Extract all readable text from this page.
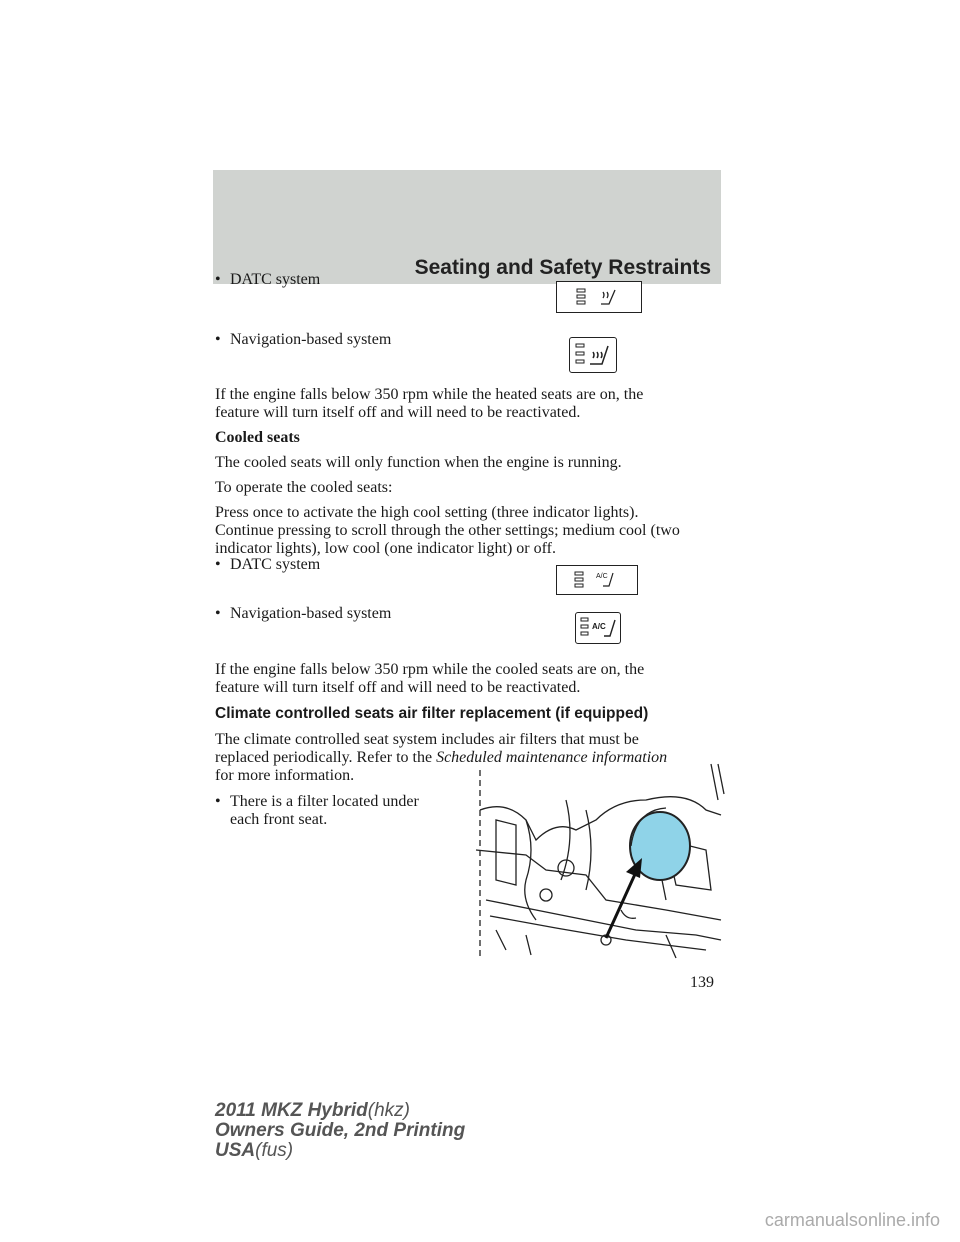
Seating and Safety Restraints
• DATC system
• Navigation-based system
If the engine falls below 350 rpm while the heated seats are on, the
feature will turn itself off and will need to be reactivated.
Cooled seats
The cooled seats will only function when the engine is running.
To operate the cooled seats:
Press once to activate the high cool setting (three indicator lights).
Continue pressing to scroll through the other settings; medium cool (two
indicator lights), low cool (one indicator light) or off.
• DATC system
A/C
• Navigation-based system
A/C
If the engine falls below 350 rpm while the cooled seats are on, the
feature will turn itself off and will need to be reactivated.
Climate controlled seats air filter replacement (if equipped)
The climate controlled seat system includes air filters that must be
replaced periodically. Refer to the Scheduled maintenance information
for more information.
• There is a filter located under
each front seat.
139
2011 MKZ Hybrid(hkz)
Owners Guide, 2nd Printing
USA(fus)
carmanualsonline.info
